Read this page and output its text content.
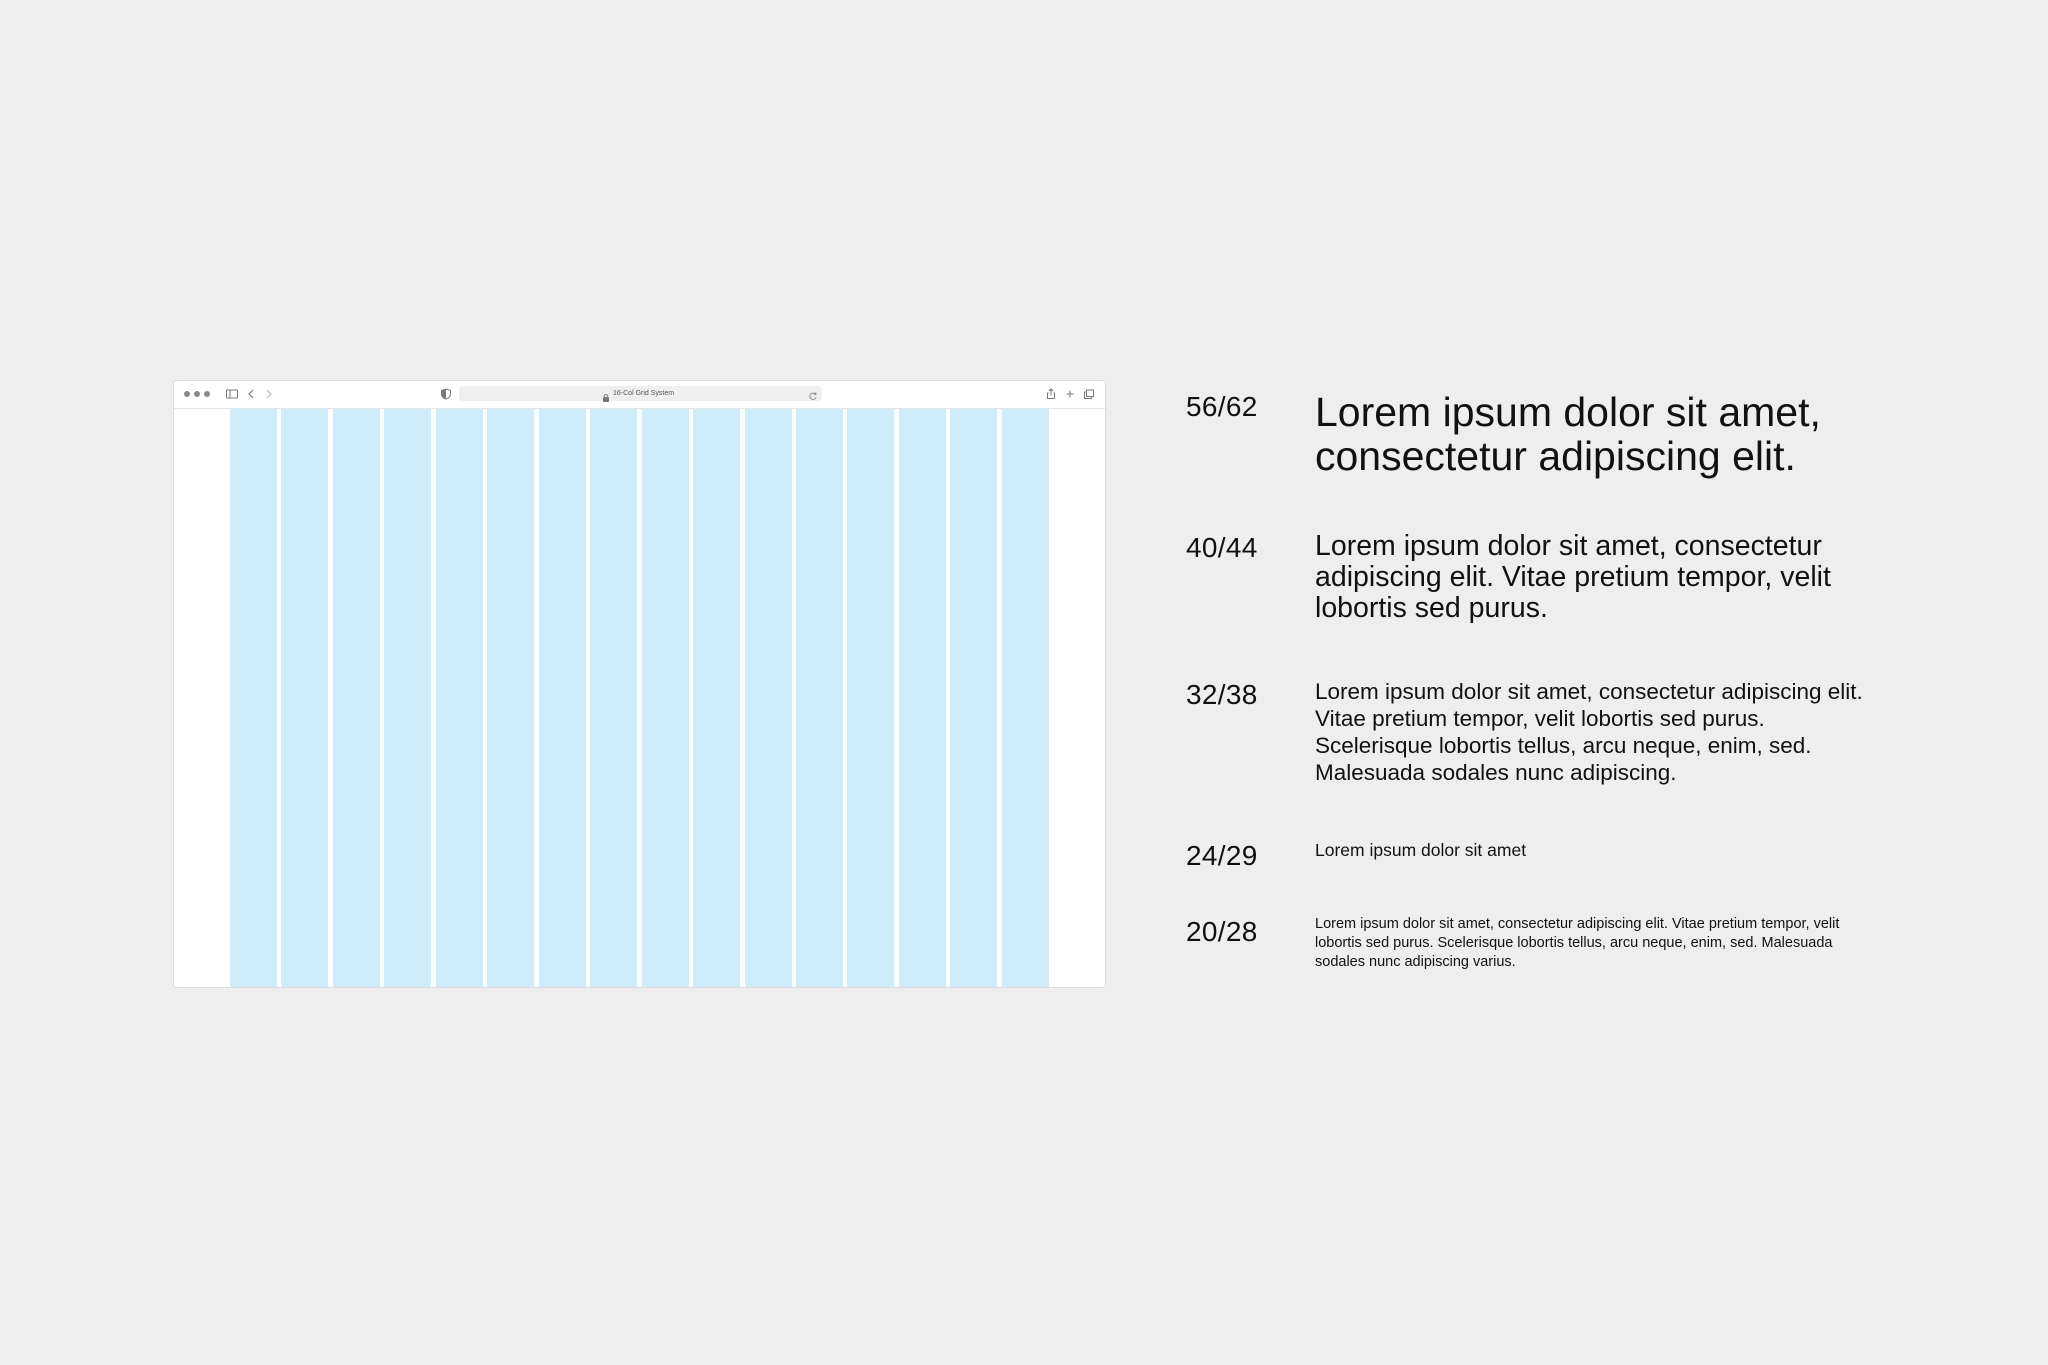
16-Col Grid System	56/62 Lorem ipsum dolor sit amet, consectetur adipiscing elit.

40/44 Lorem ipsum dolor sit amet, consectetur adipiscing elit. Vitae pretium tempor, velit lobortis sed purus.

32/38	Lorem ipsum dolor sit amet, consectetur adipiscing elit. Vitae pretium tempor, velit lobortis sed purus. Scelerisque lobortis tellus, arcu neque, enim, sed. Malesuada sodales nunc adipiscing.

24/29	Lorem ipsum dolor sit amet

20/28	Lorem ipsum dolor sit amet, consectetur adipiscing elit. Vitae pretium tempor, velit lobortis sed purus. Scelerisque lobortis tellus, arcu neque, enim, sed. Malesuada sodales nunc adipiscing varius.
